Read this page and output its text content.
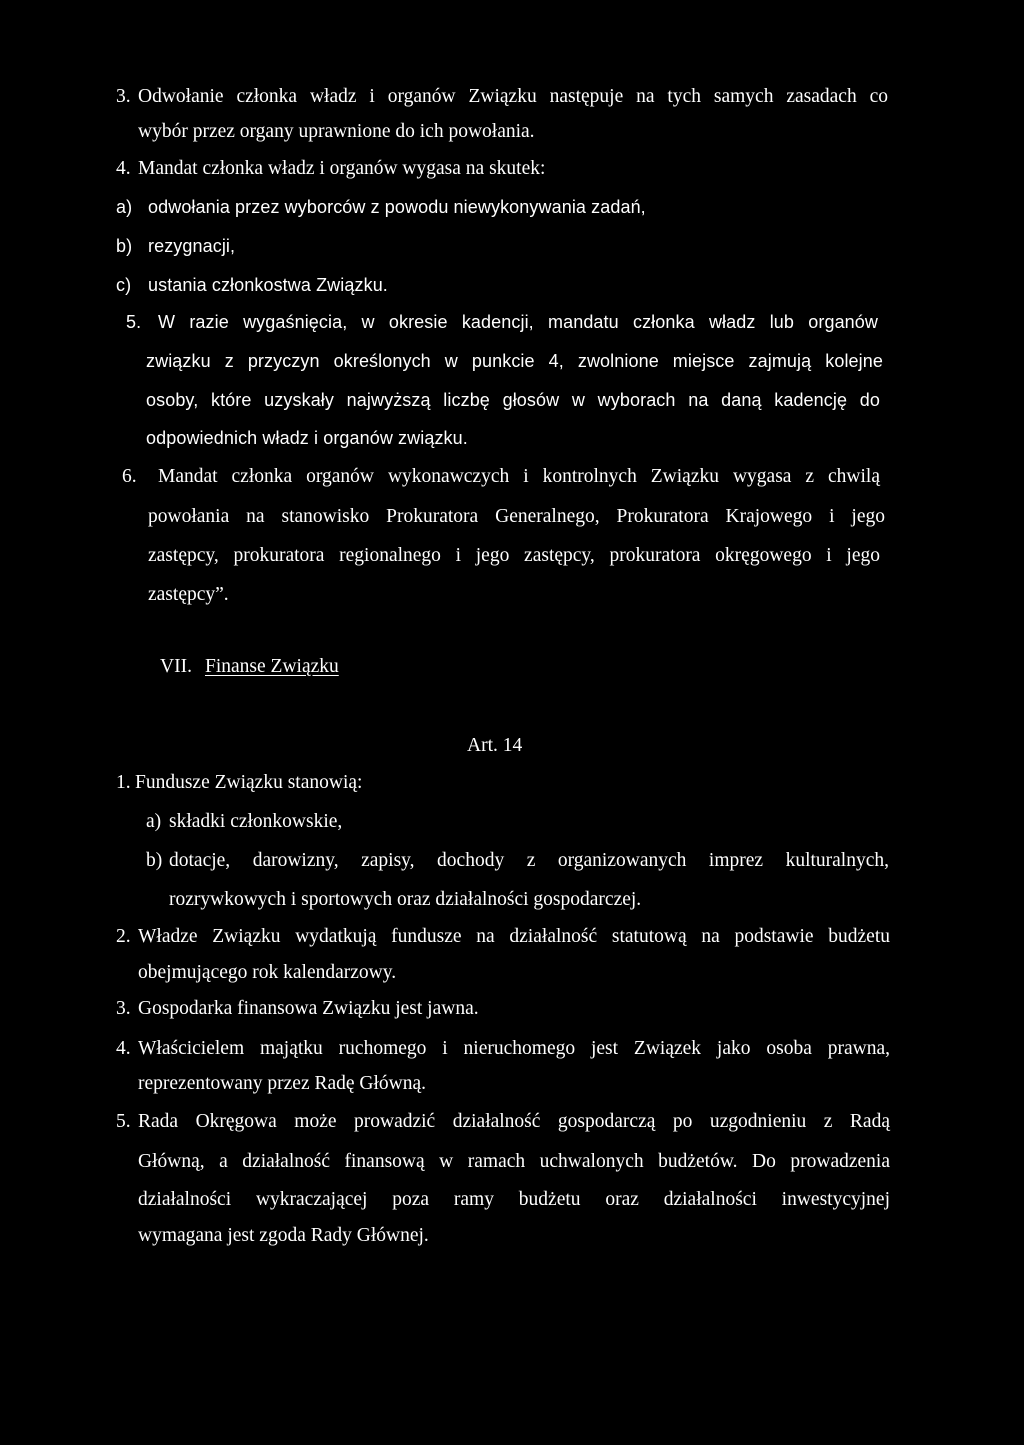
3. Odwołanie członka władz i organów Związku następuje na tych samych zasadach co
wybór przez organy uprawnione do ich powołania.
4. Mandat członka władz i organów wygasa na skutek:
a) odwołania przez wyborców z powodu niewykonywania zadań,
b) rezygnacji,
c) ustania członkostwa Związku.
5. W razie wygaśnięcia, w okresie kadencji, mandatu członka władz lub organów
związku z przyczyn określonych w punkcie 4, zwolnione miejsce zajmują kolejne
osoby, które uzyskały najwyższą liczbę głosów w wyborach na daną kadencję do
odpowiednich władz i organów związku.
6. Mandat członka organów wykonawczych i kontrolnych Związku wygasa z chwilą
powołania na stanowisko Prokuratora Generalnego, Prokuratora Krajowego i jego
zastępcy, prokuratora regionalnego i jego zastępcy, prokuratora okręgowego i jego
zastępcy”.
VII. Finanse Związku
Art. 14
1. Fundusze Związku stanowią:
a) składki członkowskie,
b) dotacje, darowizny, zapisy, dochody z organizowanych imprez kulturalnych,
rozrywkowych i sportowych oraz działalności gospodarczej.
2. Władze Związku wydatkują fundusze na działalność statutową na podstawie budżetu
obejmującego rok kalendarzowy.
3. Gospodarka finansowa Związku jest jawna.
4. Właścicielem majątku ruchomego i nieruchomego jest Związek jako osoba prawna,
reprezentowany przez Radę Główną.
5. Rada Okręgowa może prowadzić działalność gospodarczą po uzgodnieniu z Radą
Główną, a działalność finansową w ramach uchwalonych budżetów. Do prowadzenia
działalności wykraczającej poza ramy budżetu oraz działalności inwestycyjnej
wymagana jest zgoda Rady Głównej.
